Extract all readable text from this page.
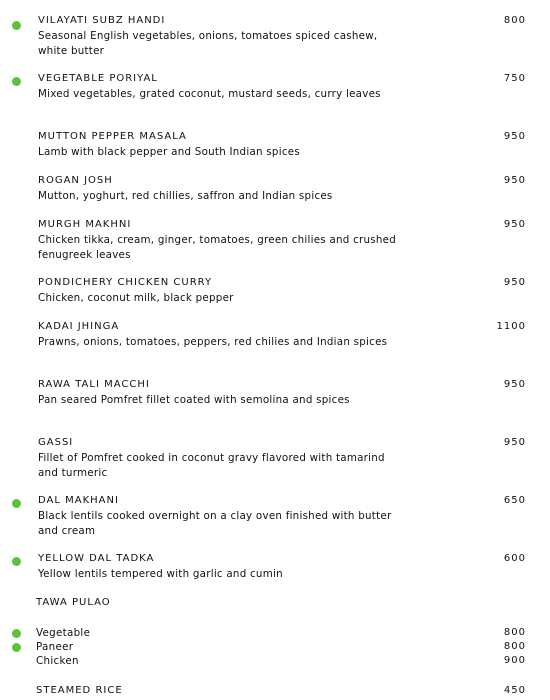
VILAYATI SUBZ HANDI	800
Seasonal English vegetables, onions, tomatoes spiced cashew, white butter
VEGETABLE PORIYAL	750
Mixed vegetables, grated coconut, mustard seeds, curry leaves
MUTTON PEPPER MASALA	950
Lamb with black pepper and South Indian spices
ROGAN JOSH	950
Mutton, yoghurt, red chillies, saffron and Indian spices
MURGH MAKHNI	950
Chicken tikka, cream, ginger, tomatoes, green chilies and crushed fenugreek leaves
PONDICHERY CHICKEN CURRY	950
Chicken, coconut milk, black pepper
KADAI JHINGA	1100
Prawns, onions, tomatoes, peppers, red chilies and Indian spices
RAWA TALI MACCHI	950
Pan seared Pomfret fillet coated with semolina and spices
GASSI	950
Fillet of Pomfret cooked in coconut gravy flavored with tamarind and turmeric
DAL MAKHANI	650
Black lentils cooked overnight on a clay oven finished with butter and cream
YELLOW DAL TADKA	600
Yellow lentils tempered with garlic and cumin
TAWA PULAO
Vegetable	800
Paneer	800
Chicken	900
STEAMED RICE	450
